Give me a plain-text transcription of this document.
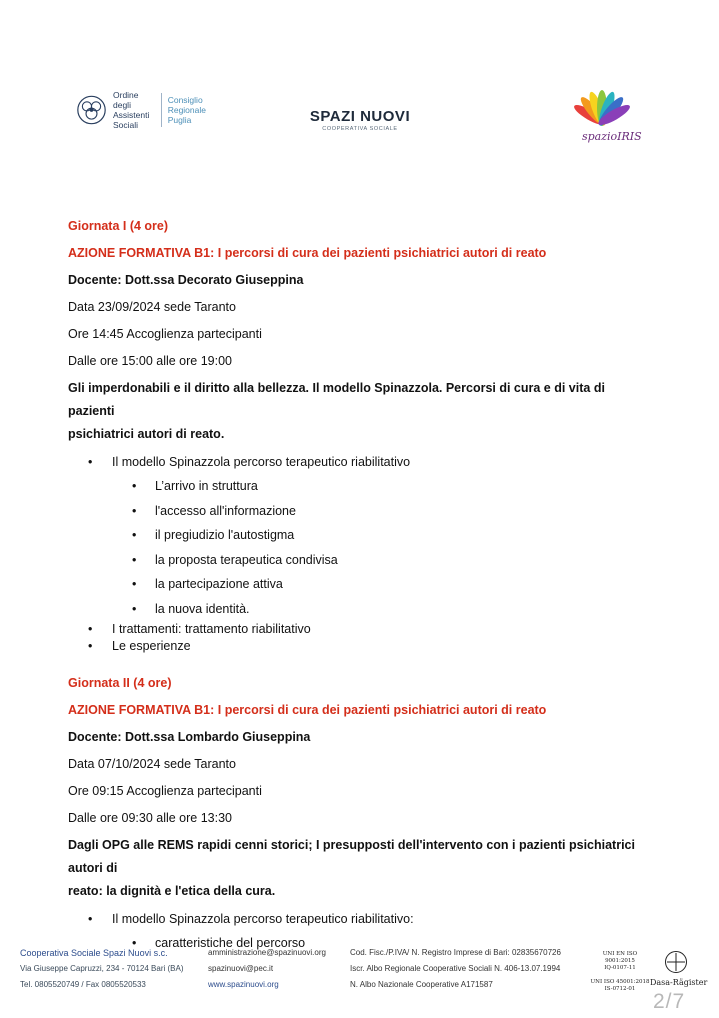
Ordine degli
Assistenti
Sociali
Consiglio
Regionale
Puglia	SPAZI NUOVI
COOPERATIVA SOCIALE
spazioIRIS
Giornata I (4 ore)
AZIONE FORMATIVA B1: I percorsi di cura dei pazienti psichiatrici autori di reato
Docente: Dott.ssa Decorato Giuseppina
Data 23/09/2024 sede Taranto
Ore 14:45 Accoglienza partecipanti
Dalle ore 15:00 alle ore 19:00
Gli imperdonabili e il diritto alla bellezza. Il modello Spinazzola. Percorsi di cura e di vita di pazienti
psichiatrici autori di reato.
• Il modello Spinazzola percorso terapeutico riabilitativo
• L’arrivo in struttura
• l'accesso all'informazione
• il pregiudizio l'autostigma
• la proposta terapeutica condivisa
• la partecipazione attiva
• la nuova identità.
• I trattamenti: trattamento riabilitativo
• Le esperienze
Giornata II (4 ore)
AZIONE FORMATIVA B1: I percorsi di cura dei pazienti psichiatrici autori di reato
Docente: Dott.ssa Lombardo Giuseppina
Data 07/10/2024 sede Taranto
Ore 09:15 Accoglienza partecipanti
Dalle ore 09:30 alle ore 13:30
Dagli OPG alle REMS rapidi cenni storici; I presupposti dell'intervento con i pazienti psichiatrici autori di
reato: la dignità e l'etica della cura.
• Il modello Spinazzola percorso terapeutico riabilitativo:
• caratteristiche del percorso
Cooperativa Sociale Spazi Nuovi s.c.
Via Giuseppe Capruzzi, 234 - 70124 Bari (BA)
Tel. 0805520749 / Fax 0805520533
amministrazione@spazinuovi.org
spazinuovi@pec.it
www.spazinuovi.org
Cod. Fisc./P.IVA/ N. Registro Imprese di Bari: 02835670726
Iscr. Albo Regionale Cooperative Sociali N. 406-13.07.1994
N. Albo Nazionale Cooperative A171587
UNI EN ISO 9001:2015
IQ-0107-11
UNI ISO 45001:2018
IS-0712-01
Dasa-Rägister
2/7
